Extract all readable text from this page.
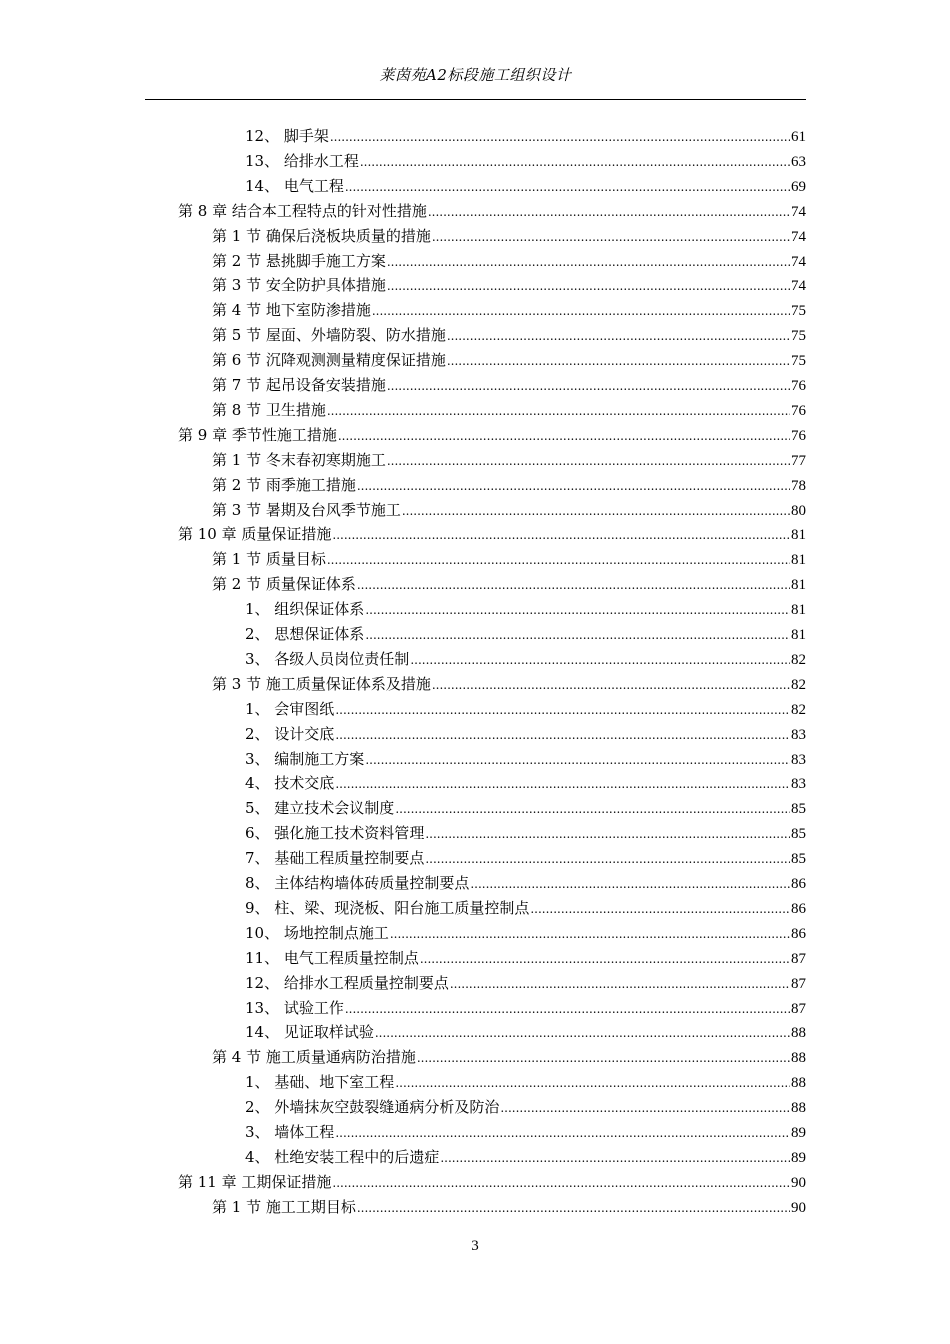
莱茵苑A2标段施工组织设计
12、 脚手架 .....	61
13、 给排水工程 .....	63
14、 电气工程 .....	69
第 8 章 结合本工程特点的针对性措施 .....	74
第 1 节 确保后浇板块质量的措施 .....	74
第 2 节 悬挑脚手施工方案 .....	74
第 3 节 安全防护具体措施 .....	74
第 4 节 地下室防渗措施 .....	75
第 5 节 屋面、外墙防裂、防水措施 .....	75
第 6 节 沉降观测测量精度保证措施 .....	75
第 7 节 起吊设备安装措施 .....	76
第 8 节 卫生措施 .....	76
第 9 章 季节性施工措施 .....	76
第 1 节 冬末春初寒期施工 .....	77
第 2 节 雨季施工措施 .....	78
第 3 节 暑期及台风季节施工 .....	80
第 10 章 质量保证措施 .....	81
第 1 节 质量目标 .....	81
第 2 节 质量保证体系 .....	81
1、 组织保证体系 .....	81
2、 思想保证体系 .....	81
3、 各级人员岗位责任制 .....	82
第 3 节 施工质量保证体系及措施 .....	82
1、 会审图纸 .....	82
2、 设计交底 .....	83
3、 编制施工方案 .....	83
4、 技术交底 .....	83
5、 建立技术会议制度 .....	85
6、 强化施工技术资料管理 .....	85
7、 基础工程质量控制要点 .....	85
8、 主体结构墙体砖质量控制要点 .....	86
9、 柱、梁、现浇板、阳台施工质量控制点 .....	86
10、 场地控制点施工 .....	86
11、 电气工程质量控制点 .....	87
12、 给排水工程质量控制要点 .....	87
13、 试验工作 .....	87
14、 见证取样试验 .....	88
第 4 节 施工质量通病防治措施 .....	88
1、 基础、地下室工程 .....	88
2、 外墙抹灰空鼓裂缝通病分析及防治 .....	88
3、 墙体工程 .....	89
4、 杜绝安装工程中的后遗症 .....	89
第 11 章 工期保证措施 .....	90
第 1 节 施工工期目标 .....	90
3
